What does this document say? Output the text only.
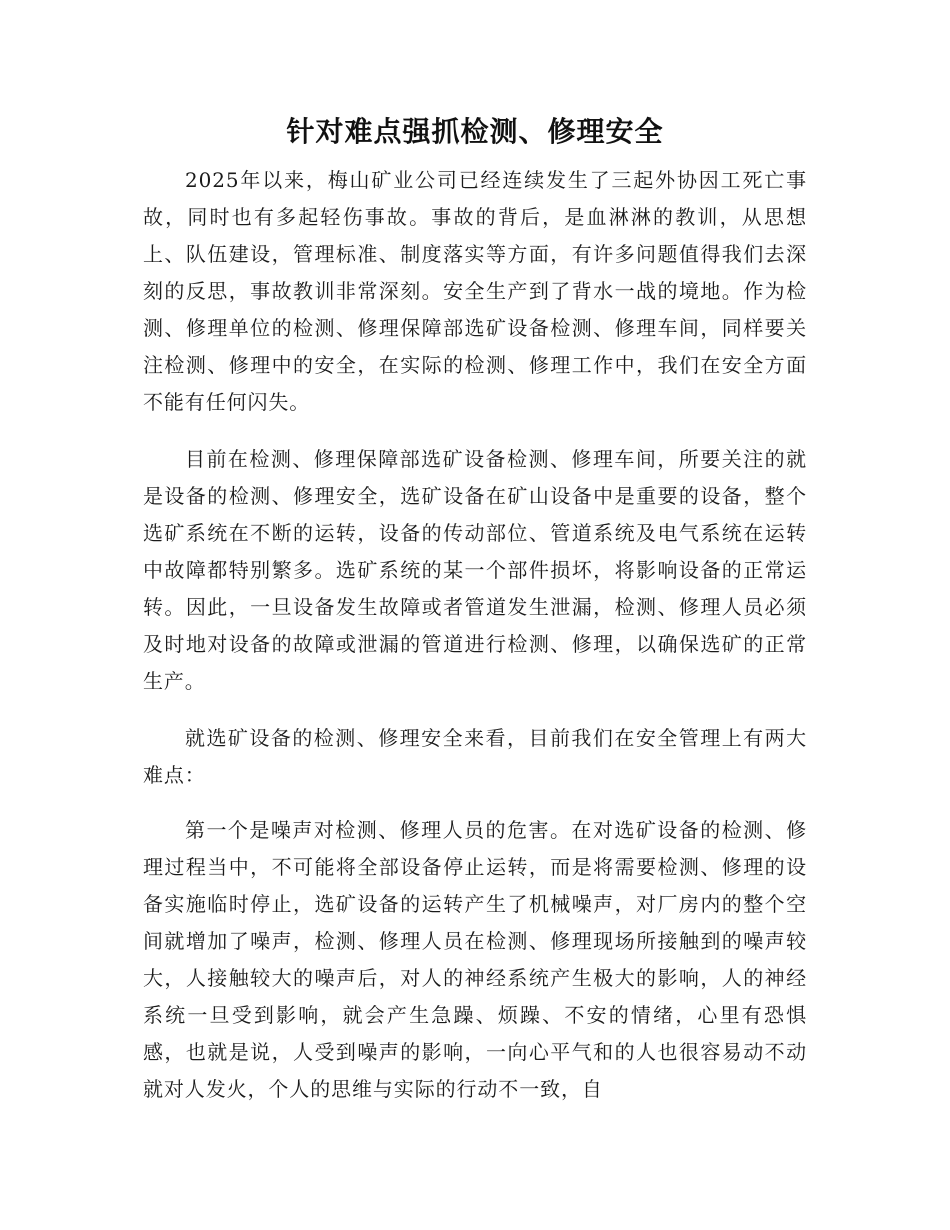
针对难点强抓检测、修理安全

2025年以来，梅山矿业公司已经连续发生了三起外协因工死亡事故，同时也有多起轻伤事故。事故的背后，是血淋淋的教训，从思想上、队伍建设，管理标准、制度落实等方面，有许多问题值得我们去深刻的反思，事故教训非常深刻。安全生产到了背水一战的境地。作为检测、修理单位的检测、修理保障部选矿设备检测、修理车间，同样要关注检测、修理中的安全，在实际的检测、修理工作中，我们在安全方面不能有任何闪失。

目前在检测、修理保障部选矿设备检测、修理车间，所要关注的就是设备的检测、修理安全，选矿设备在矿山设备中是重要的设备，整个选矿系统在不断的运转，设备的传动部位、管道系统及电气系统在运转中故障都特别繁多。选矿系统的某一个部件损坏，将影响设备的正常运转。因此，一旦设备发生故障或者管道发生泄漏，检测、修理人员必须及时地对设备的故障或泄漏的管道进行检测、修理，以确保选矿的正常生产。

就选矿设备的检测、修理安全来看，目前我们在安全管理上有两大难点：

第一个是噪声对检测、修理人员的危害。在对选矿设备的检测、修理过程当中，不可能将全部设备停止运转，而是将需要检测、修理的设备实施临时停止，选矿设备的运转产生了机械噪声，对厂房内的整个空间就增加了噪声，检测、修理人员在检测、修理现场所接触到的噪声较大，人接触较大的噪声后，对人的神经系统产生极大的影响，人的神经系统一旦受到影响，就会产生急躁、烦躁、不安的情绪，心里有恐惧感，也就是说，人受到噪声的影响，一向心平气和的人也很容易动不动就对人发火，个人的思维与实际的行动不一致，自
